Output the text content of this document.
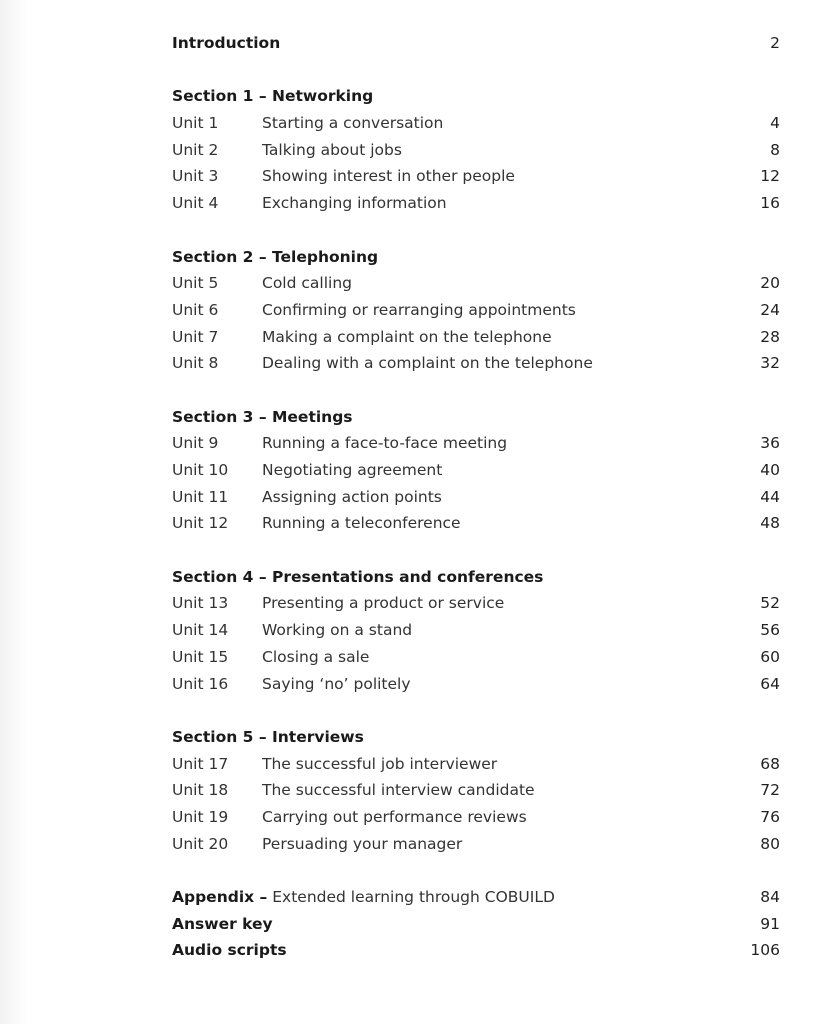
Introduction	2
Section 1 – Networking
Unit 1	Starting a conversation	4
Unit 2	Talking about jobs	8
Unit 3	Showing interest in other people	12
Unit 4	Exchanging information	16
Section 2 – Telephoning
Unit 5	Cold calling	20
Unit 6	Confirming or rearranging appointments	24
Unit 7	Making a complaint on the telephone	28
Unit 8	Dealing with a complaint on the telephone	32
Section 3 – Meetings
Unit 9	Running a face-to-face meeting	36
Unit 10	Negotiating agreement	40
Unit 11	Assigning action points	44
Unit 12	Running a teleconference	48
Section 4 – Presentations and conferences
Unit 13	Presenting a product or service	52
Unit 14	Working on a stand	56
Unit 15	Closing a sale	60
Unit 16	Saying ‘no’ politely	64
Section 5 – Interviews
Unit 17	The successful job interviewer	68
Unit 18	The successful interview candidate	72
Unit 19	Carrying out performance reviews	76
Unit 20	Persuading your manager	80
Appendix – Extended learning through COBUILD	84
Answer key	91
Audio scripts	106
